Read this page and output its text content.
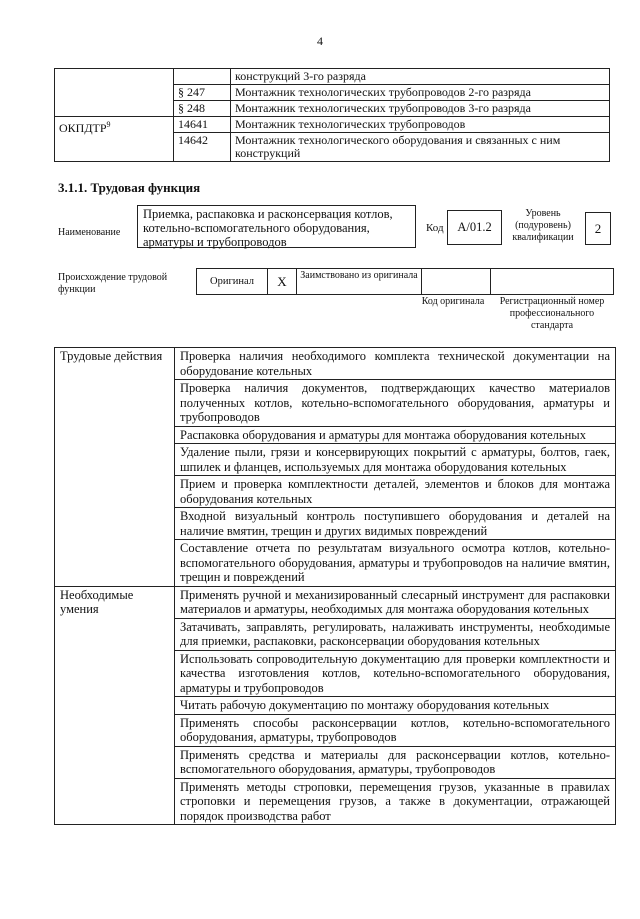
4
		конструкций 3-го разряда
	§ 247	Монтажник технологических трубопроводов 2-го разряда
	§ 248	Монтажник технологических трубопроводов 3-го разряда
ОКПДТР$^9$	14641	Монтажник технологических трубопроводов
	14642	Монтажник технологического оборудования и связанных с ним конструкций
3.1.1. Трудовая функция
Наименование
Приемка, распаковка и расконсервация котлов, котельно-вспомогательного оборудования, арматуры и трубопроводов
Код А/01.2
Уровень (подуровень) квалификации
2
Происхождение трудовой функции
Оригинал	X	Заимствовано из оригинала
Код оригинала	Регистрационный номер профессионального стандарта
Трудовые действия	Проверка наличия необходимого комплекта технической документации на оборудование котельных
	Проверка наличия документов, подтверждающих качество материалов полученных котлов, котельно-вспомогательного оборудования, арматуры и трубопроводов
	Распаковка оборудования и арматуры для монтажа оборудования котельных
	Удаление пыли, грязи и консервирующих покрытий с арматуры, болтов, гаек, шпилек и фланцев, используемых для монтажа оборудования котельных
	Прием и проверка комплектности деталей, элементов и блоков для монтажа оборудования котельных
	Входной визуальный контроль поступившего оборудования и деталей на наличие вмятин, трещин и других видимых повреждений
	Составление отчета по результатам визуального осмотра котлов, котельно-вспомогательного оборудования, арматуры и трубопроводов на наличие вмятин, трещин и повреждений
Необходимые умения	Применять ручной и механизированный слесарный инструмент для распаковки материалов и арматуры, необходимых для монтажа оборудования котельных
	Затачивать, заправлять, регулировать, налаживать инструменты, необходимые для приемки, распаковки, расконсервации оборудования котельных
	Использовать сопроводительную документацию для проверки комплектности и качества изготовления котлов, котельно-вспомогательного оборудования, арматуры и трубопроводов
	Читать рабочую документацию по монтажу оборудования котельных
	Применять способы расконсервации котлов, котельно-вспомогательного оборудования, арматуры, трубопроводов
	Применять средства и материалы для расконсервации котлов, котельно-вспомогательного оборудования, арматуры, трубопроводов
	Применять методы строповки, перемещения грузов, указанные в правилах строповки и перемещения грузов, а также в документации, отражающей порядок производства работ
